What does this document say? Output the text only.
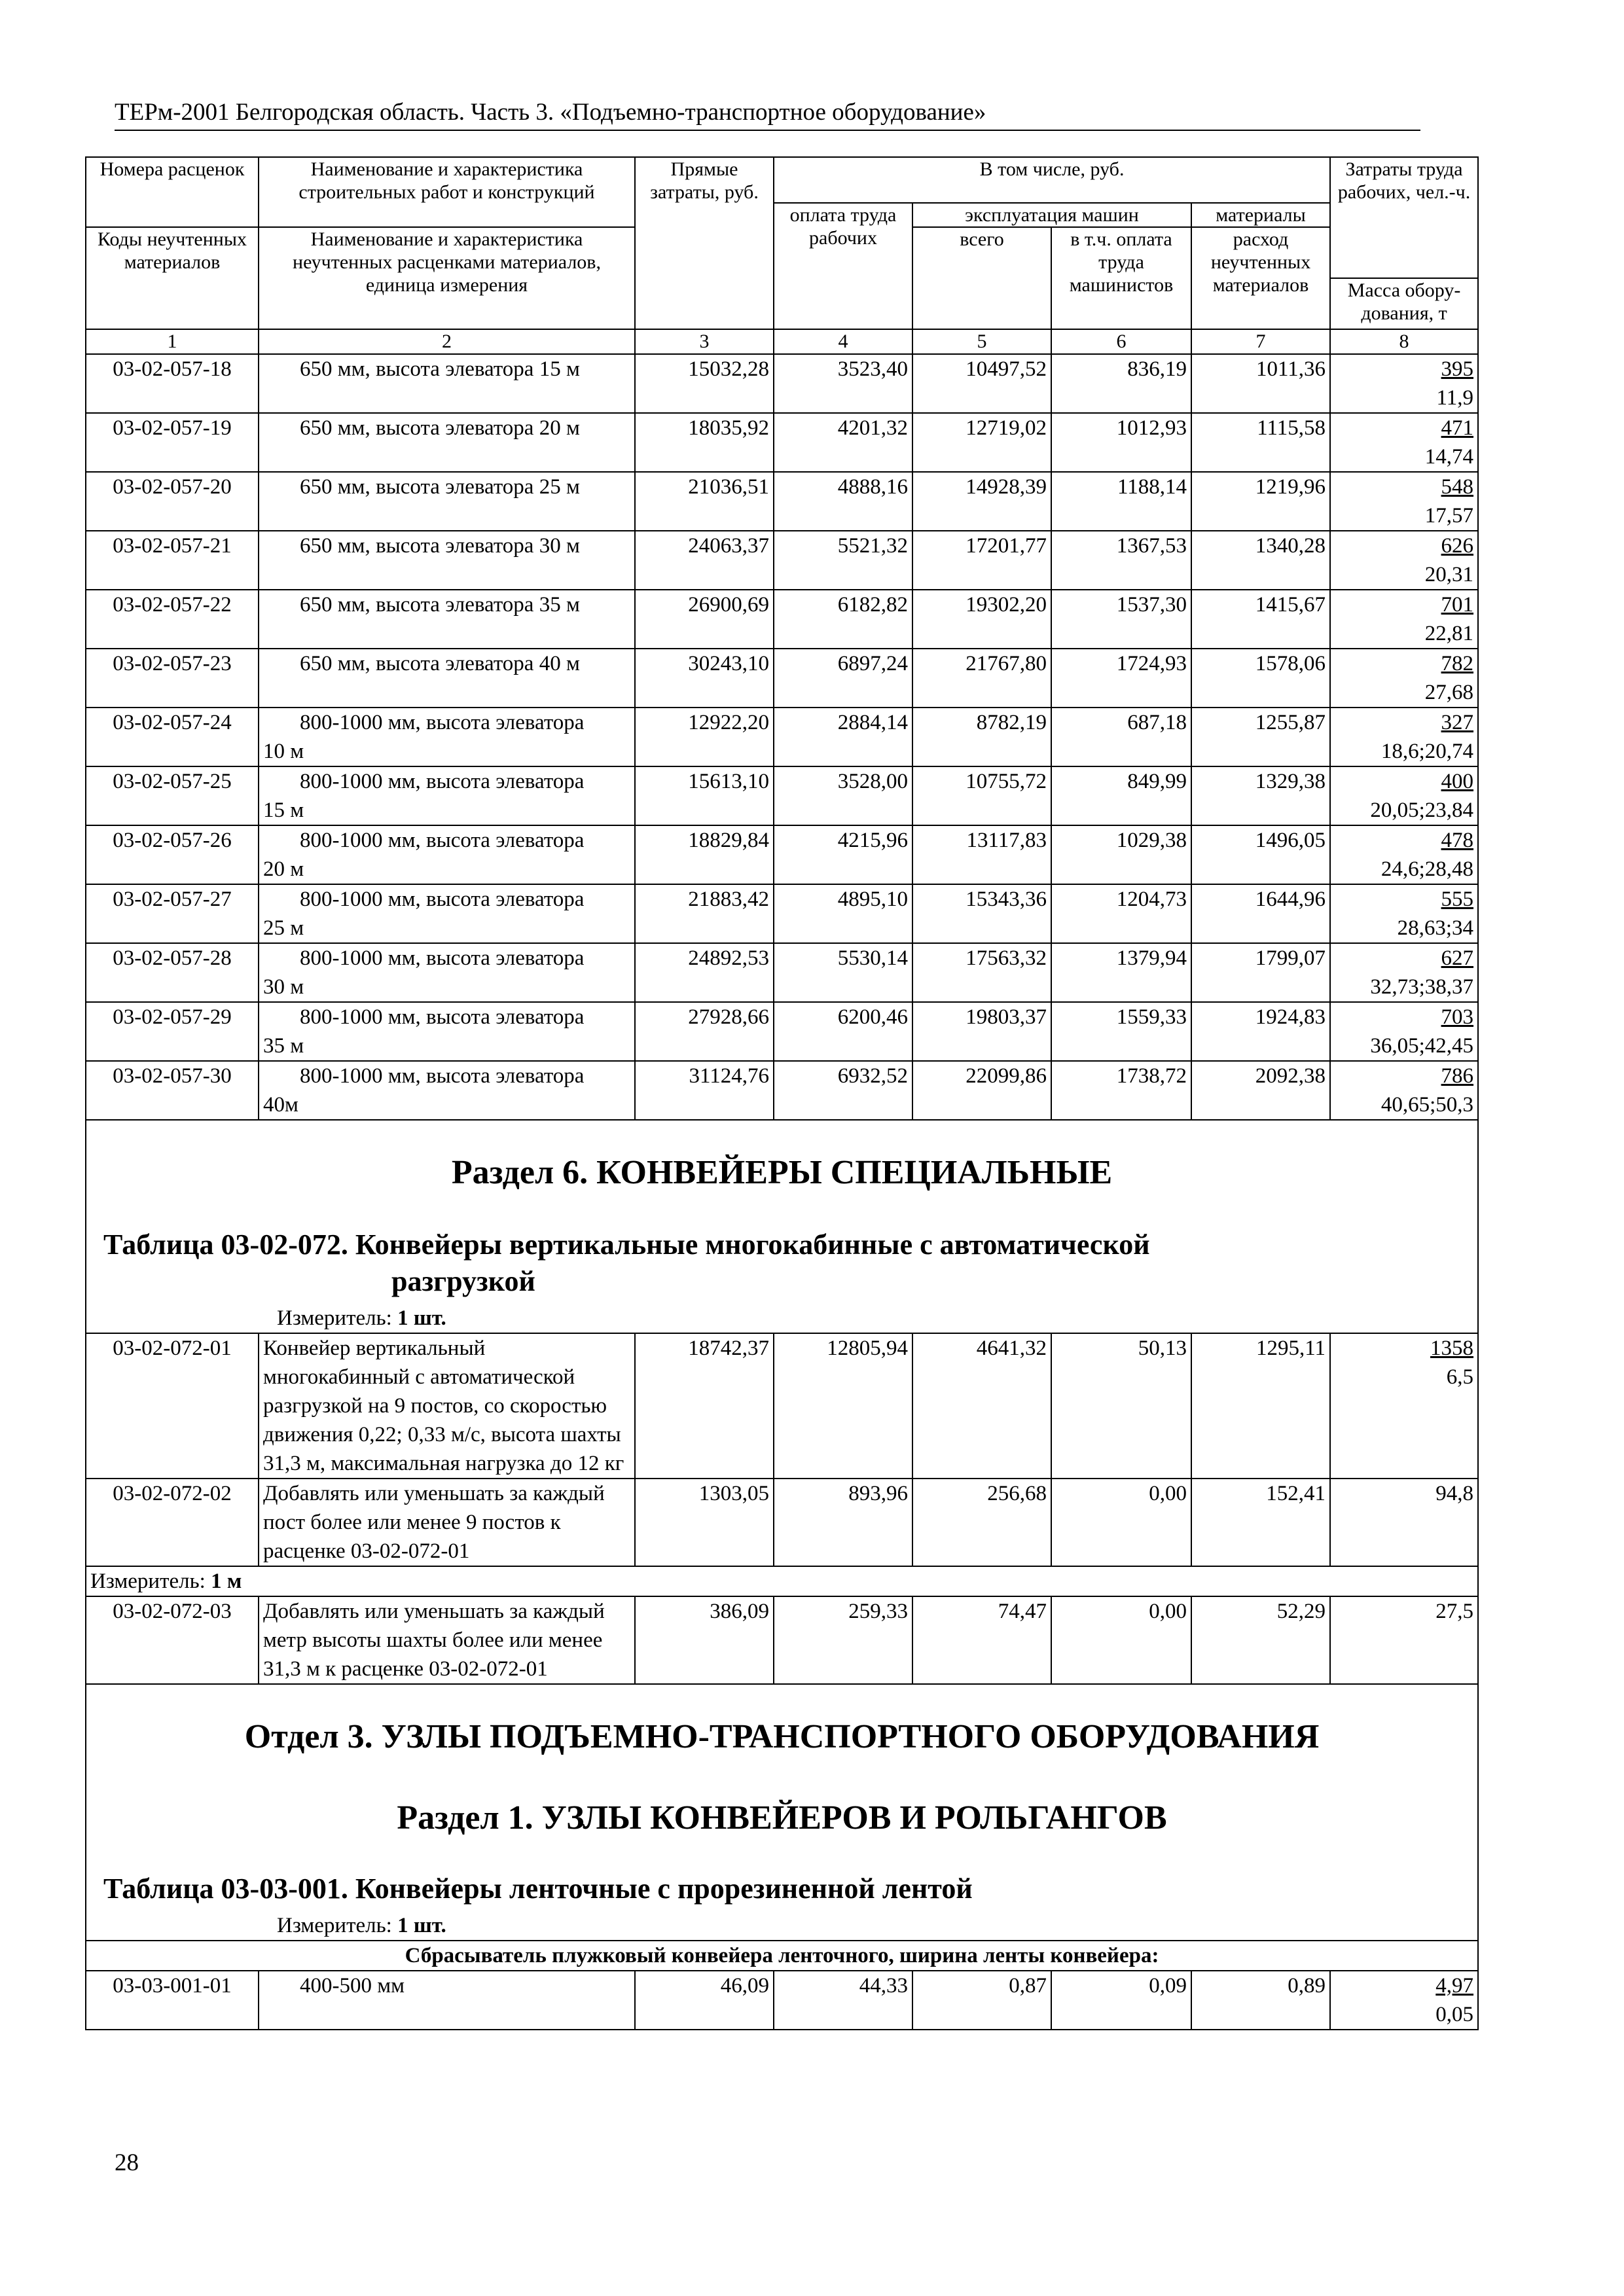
ТЕРм-2001 Белгородская область. Часть 3. «Подъемно-транспортное оборудование»
Номера расценок	Наименование и характеристика строительных работ и конструкций	Прямые затраты, руб.	В том числе, руб.				Затраты труда рабочих, чел.-ч.
			оплата труда рабочих	эксплуатация машин		материалы	
Коды неучтенных материалов	Наименование и характеристика неучтенных расценками материалов, единица измерения			всего	в т.ч. оплата труда машинистов	расход неучтенных материалов	
							Масса обору-дования, т
1	2	3	4	5	6	7	8
03-02-057-18	650 мм, высота элеватора 15 м	15032,28	3523,40	10497,52	836,19	1011,36	395
11,9

03-02-057-19	650 мм, высота элеватора 20 м	18035,92	4201,32	12719,02	1012,93	1115,58	471
14,74

03-02-057-20	650 мм, высота элеватора 25 м	21036,51	4888,16	14928,39	1188,14	1219,96	548
17,57

03-02-057-21	650 мм, высота элеватора 30 м	24063,37	5521,32	17201,77	1367,53	1340,28	626
20,31

03-02-057-22	650 мм, высота элеватора 35 м	26900,69	6182,82	19302,20	1537,30	1415,67	701
22,81

03-02-057-23	650 мм, высота элеватора 40 м	30243,10	6897,24	21767,80	1724,93	1578,06	782
27,68

03-02-057-24	800-1000 мм, высота элеватора
10 м	12922,20	2884,14	8782,19	687,18	1255,87	327
18,6;20,74

03-02-057-25	800-1000 мм, высота элеватора
15 м	15613,10	3528,00	10755,72	849,99	1329,38	400
20,05;23,84

03-02-057-26	800-1000 мм, высота элеватора
20 м	18829,84	4215,96	13117,83	1029,38	1496,05	478
24,6;28,48

03-02-057-27	800-1000 мм, высота элеватора
25 м	21883,42	4895,10	15343,36	1204,73	1644,96	555
28,63;34

03-02-057-28	800-1000 мм, высота элеватора
30 м	24892,53	5530,14	17563,32	1379,94	1799,07	627
32,73;38,37

03-02-057-29	800-1000 мм, высота элеватора
35 м	27928,66	6200,46	19803,37	1559,33	1924,83	703
36,05;42,45

03-02-057-30	800-1000 мм, высота элеватора
40м	31124,76	6932,52	22099,86	1738,72	2092,38	786
40,65;50,3

Раздел 6. КОНВЕЙЕРЫ СПЕЦИАЛЬНЫЕ
Таблица 03-02-072. Конвейеры вертикальные многокабинные с автоматической
разгрузкой
Измеритель: 1 шт.							

03-02-072-01	Конвейер вертикальный многокабинный с автоматической разгрузкой на 9 постов, со скоростью движения 0,22; 0,33 м/с, высота шахты 31,3 м, максимальная нагрузка до 12 кг	18742,37	12805,94	4641,32	50,13	1295,11	1358
6,5

03-02-072-02	Добавлять или уменьшать за каждый пост более или менее 9 постов к расценке 03-02-072-01	1303,05	893,96	256,68	0,00	152,41	94,8
Измеритель: 1 м							
03-02-072-03	Добавлять или уменьшать за каждый метр высоты шахты более или менее 31,3 м к расценке 03-02-072-01	386,09	259,33	74,47	0,00	52,29	27,5

Отдел 3. УЗЛЫ ПОДЪЕМНО-ТРАНСПОРТНОГО ОБОРУДОВАНИЯ
Раздел 1. УЗЛЫ КОНВЕЙЕРОВ И РОЛЬГАНГОВ
Таблица 03-03-001. Конвейеры ленточные с прорезиненной лентой
Измеритель: 1 шт.							

Сбрасыватель плужковый конвейера ленточного, ширина ленты конвейера:							
03-03-001-01	400-500 мм	46,09	44,33	0,87	0,09	0,89	4,97
0,05
28
